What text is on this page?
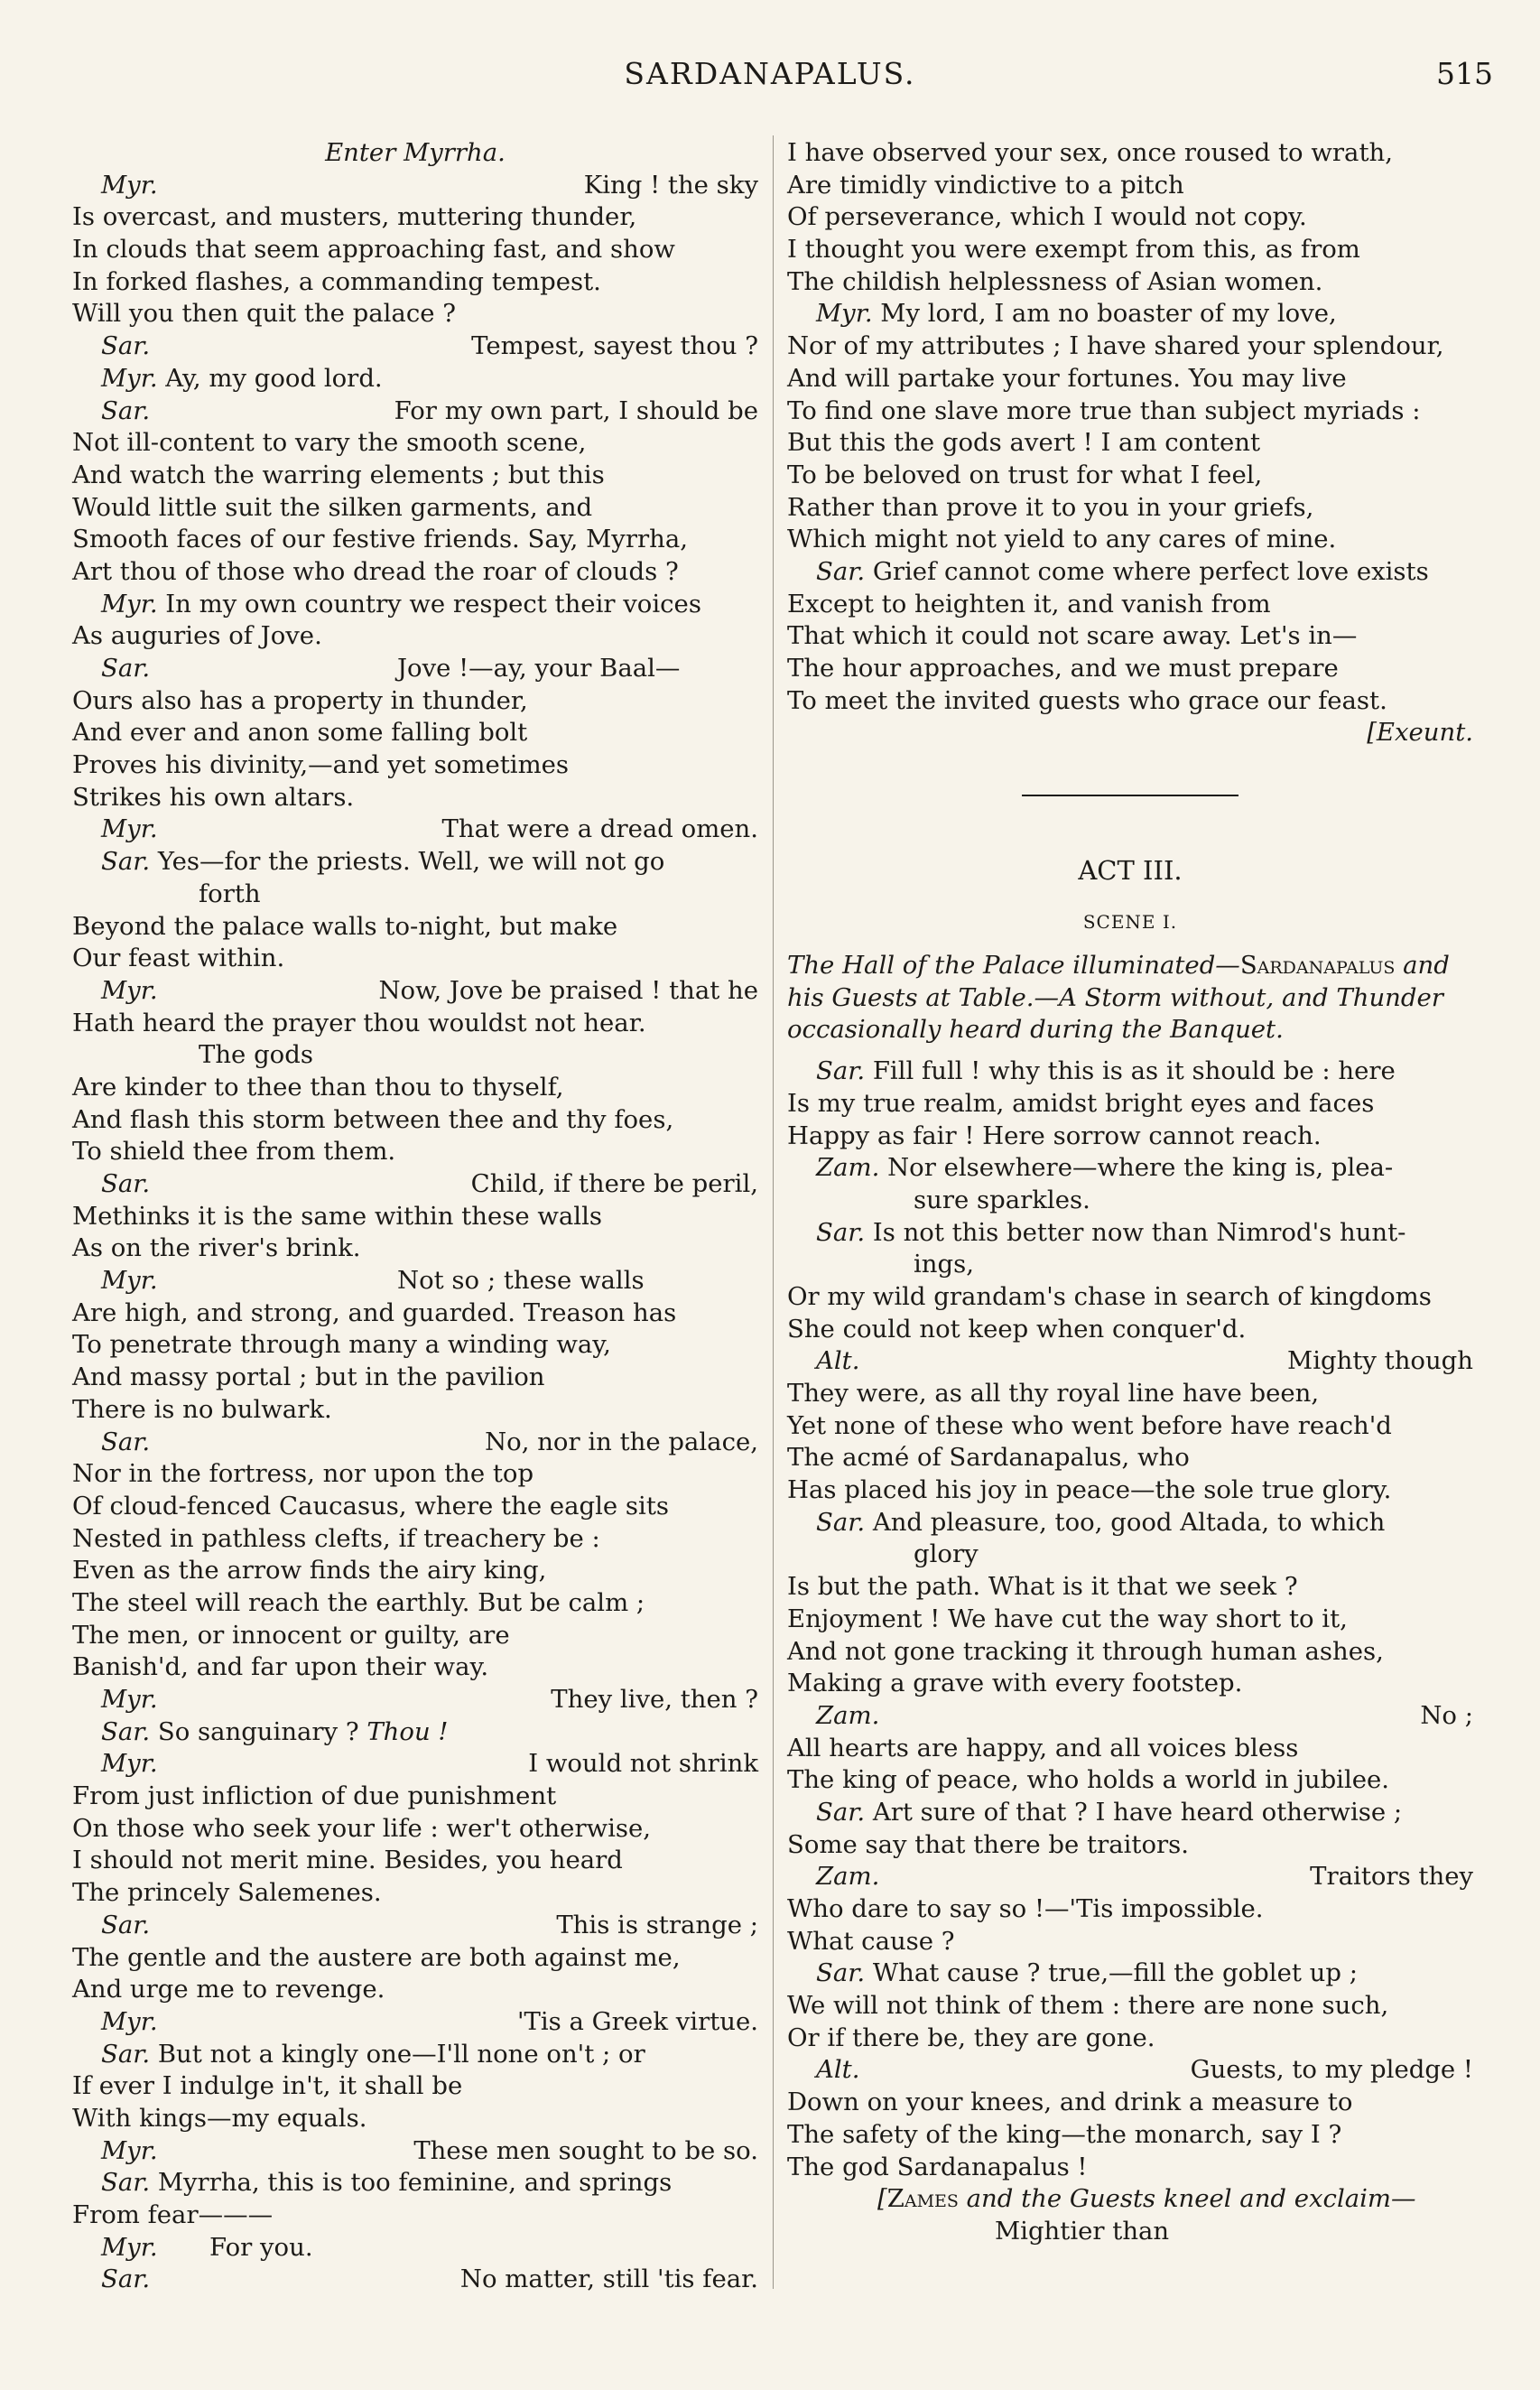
SARDANAPALUS.	515
Enter Myrrha.
Myr.	King ! the sky
Is overcast, and musters, muttering thunder,
In clouds that seem approaching fast, and show
In forked flashes, a commanding tempest.
Will you then quit the palace ?
Sar.	Tempest, sayest thou ?
Myr. Ay, my good lord.
Sar.	For my own part, I should be
Not ill-content to vary the smooth scene,
And watch the warring elements ; but this
Would little suit the silken garments, and
Smooth faces of our festive friends. Say, Myrrha,
Art thou of those who dread the roar of clouds ?
Myr. In my own country we respect their voices
As auguries of Jove.
Sar.	Jove !—ay, your Baal—
Ours also has a property in thunder,
And ever and anon some falling bolt
Proves his divinity,—and yet sometimes
Strikes his own altars.
Myr.	That were a dread omen.
Sar. Yes—for the priests. Well, we will not go
forth
Beyond the palace walls to-night, but make
Our feast within.
Myr.	Now, Jove be praised ! that he
Hath heard the prayer thou wouldst not hear.
The gods
Are kinder to thee than thou to thyself,
And flash this storm between thee and thy foes,
To shield thee from them.
Sar.	Child, if there be peril,
Methinks it is the same within these walls
As on the river's brink.
Myr.	Not so ; these walls
Are high, and strong, and guarded. Treason has
To penetrate through many a winding way,
And massy portal ; but in the pavilion
There is no bulwark.
Sar.	No, nor in the palace,
Nor in the fortress, nor upon the top
Of cloud-fenced Caucasus, where the eagle sits
Nested in pathless clefts, if treachery be :
Even as the arrow finds the airy king,
The steel will reach the earthly. But be calm ;
The men, or innocent or guilty, are
Banish'd, and far upon their way.
Myr.	They live, then ?
Sar. So sanguinary ? Thou !
Myr.	I would not shrink
From just infliction of due punishment
On those who seek your life : wer't otherwise,
I should not merit mine. Besides, you heard
The princely Salemenes.
Sar.	This is strange ;
The gentle and the austere are both against me,
And urge me to revenge.
Myr.	'Tis a Greek virtue.
Sar. But not a kingly one—I'll none on't ; or
If ever I indulge in't, it shall be
With kings—my equals.
Myr.	These men sought to be so.
Sar. Myrrha, this is too feminine, and springs
From fear———
Myr. For you.
Sar.	No matter, still 'tis fear.
I have observed your sex, once roused to wrath,
Are timidly vindictive to a pitch
Of perseverance, which I would not copy.
I thought you were exempt from this, as from
The childish helplessness of Asian women.
Myr. My lord, I am no boaster of my love,
Nor of my attributes ; I have shared your splendour,
And will partake your fortunes. You may live
To find one slave more true than subject myriads :
But this the gods avert ! I am content
To be beloved on trust for what I feel,
Rather than prove it to you in your griefs,
Which might not yield to any cares of mine.
Sar. Grief cannot come where perfect love exists
Except to heighten it, and vanish from
That which it could not scare away. Let's in—
The hour approaches, and we must prepare
To meet the invited guests who grace our feast.
[Exeunt.
ACT III.
SCENE I.
The Hall of the Palace illuminated—Sardanapalus and his Guests at Table.—A Storm without, and Thunder occasionally heard during the Banquet.
Sar. Fill full ! why this is as it should be : here
Is my true realm, amidst bright eyes and faces
Happy as fair ! Here sorrow cannot reach.
Zam. Nor elsewhere—where the king is, plea-
sure sparkles.
Sar. Is not this better now than Nimrod's hunt-
ings,
Or my wild grandam's chase in search of kingdoms
She could not keep when conquer'd.
Alt.	Mighty though
They were, as all thy royal line have been,
Yet none of these who went before have reach'd
The acmé of Sardanapalus, who
Has placed his joy in peace—the sole true glory.
Sar. And pleasure, too, good Altada, to which
glory
Is but the path. What is it that we seek ?
Enjoyment ! We have cut the way short to it,
And not gone tracking it through human ashes,
Making a grave with every footstep.
Zam.	No ;
All hearts are happy, and all voices bless
The king of peace, who holds a world in jubilee.
Sar. Art sure of that ? I have heard otherwise ;
Some say that there be traitors.
Zam.	Traitors they
Who dare to say so !—'Tis impossible.
What cause ?
Sar. What cause ? true,—fill the goblet up ;
We will not think of them : there are none such,
Or if there be, they are gone.
Alt.	Guests, to my pledge !
Down on your knees, and drink a measure to
The safety of the king—the monarch, say I ?
The god Sardanapalus !
[Zames and the Guests kneel and exclaim—
Mightier than
